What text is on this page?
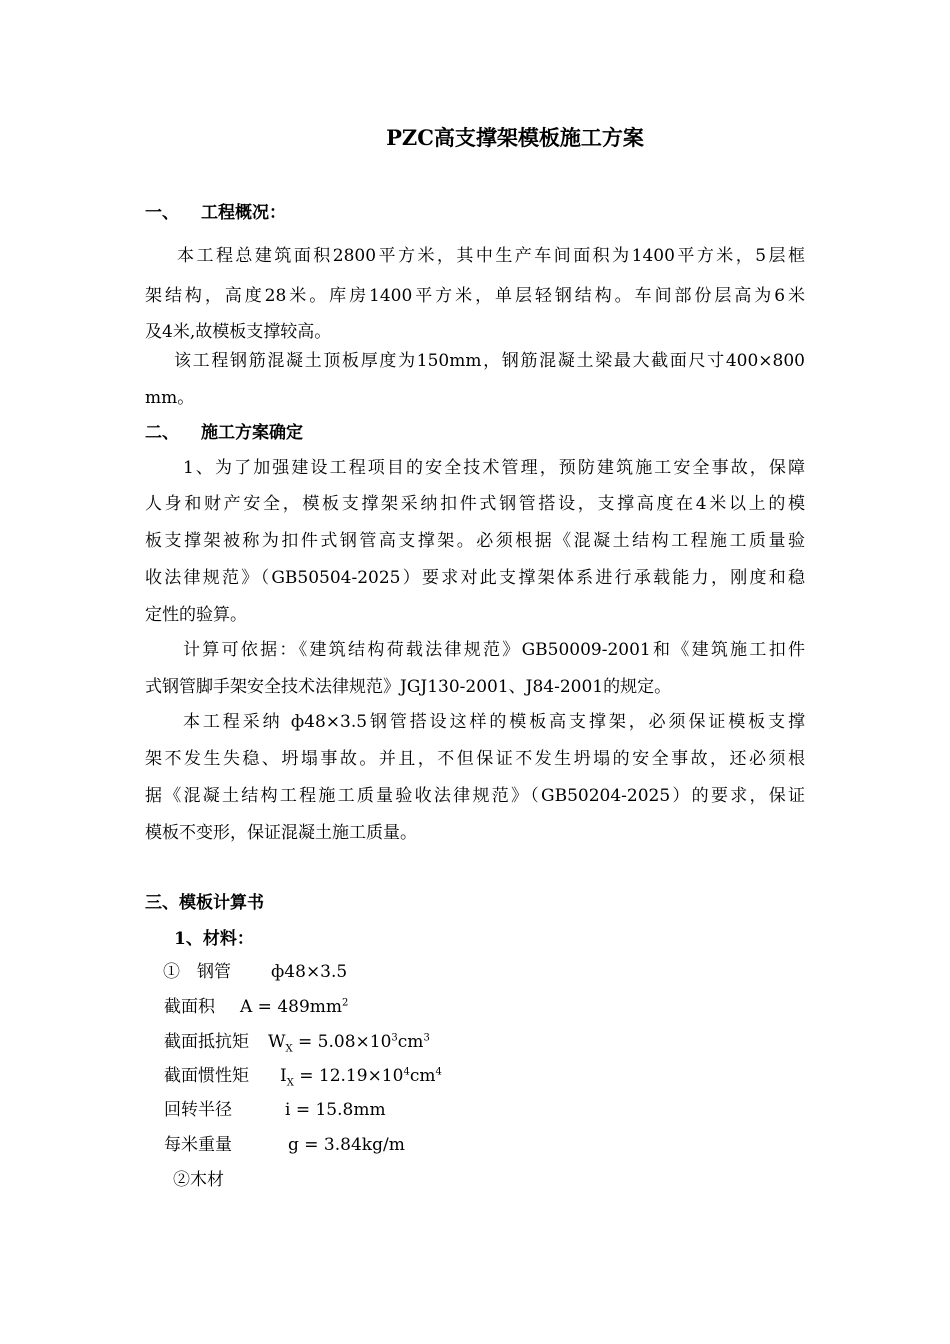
PZC高支撑架模板施工方案
一、 工程概况：
本工程总建筑面积2800平方米，其中生产车间面积为1400平方米，5层框
架结构，高度28米。库房1400平方米，单层轻钢结构。车间部份层高为6米
及4米,故模板支撑较高。
该工程钢筋混凝土顶板厚度为150mm，钢筋混凝土梁最大截面尺寸400×800
mm。
二、 施工方案确定
1、为了加强建设工程项目的安全技术管理，预防建筑施工安全事故，保障
人身和财产安全，模板支撑架采纳扣件式钢管搭设，支撑高度在4米以上的模
板支撑架被称为扣件式钢管高支撑架。必须根据《混凝土结构工程施工质量验
收法律规范》（GB50504-2025）要求对此支撑架体系进行承载能力，刚度和稳
定性的验算。
计算可依据：《建筑结构荷载法律规范》GB50009-2001和《建筑施工扣件
式钢管脚手架安全技术法律规范》JGJ130-2001、J84-2001的规定。
本工程采纳 ф48×3.5钢管搭设这样的模板高支撑架，必须保证模板支撑
架不发生失稳、坍塌事故。并且，不但保证不发生坍塌的安全事故，还必须根
据《混凝土结构工程施工质量验收法律规范》（GB50204-2025）的要求，保证
模板不变形，保证混凝土施工质量。
三、模板计算书
1、材料：
①　钢管 ф48×3.5
截面积 $A = 489mm^2$
截面抵抗矩 $W_X = 5.08\times 10^3cm^3$
截面惯性矩 $I_X = 12.19\times 10^4cm^4$
回转半径	i = 15.8mm
每米重量	g = 3.84kg/m
②木材
